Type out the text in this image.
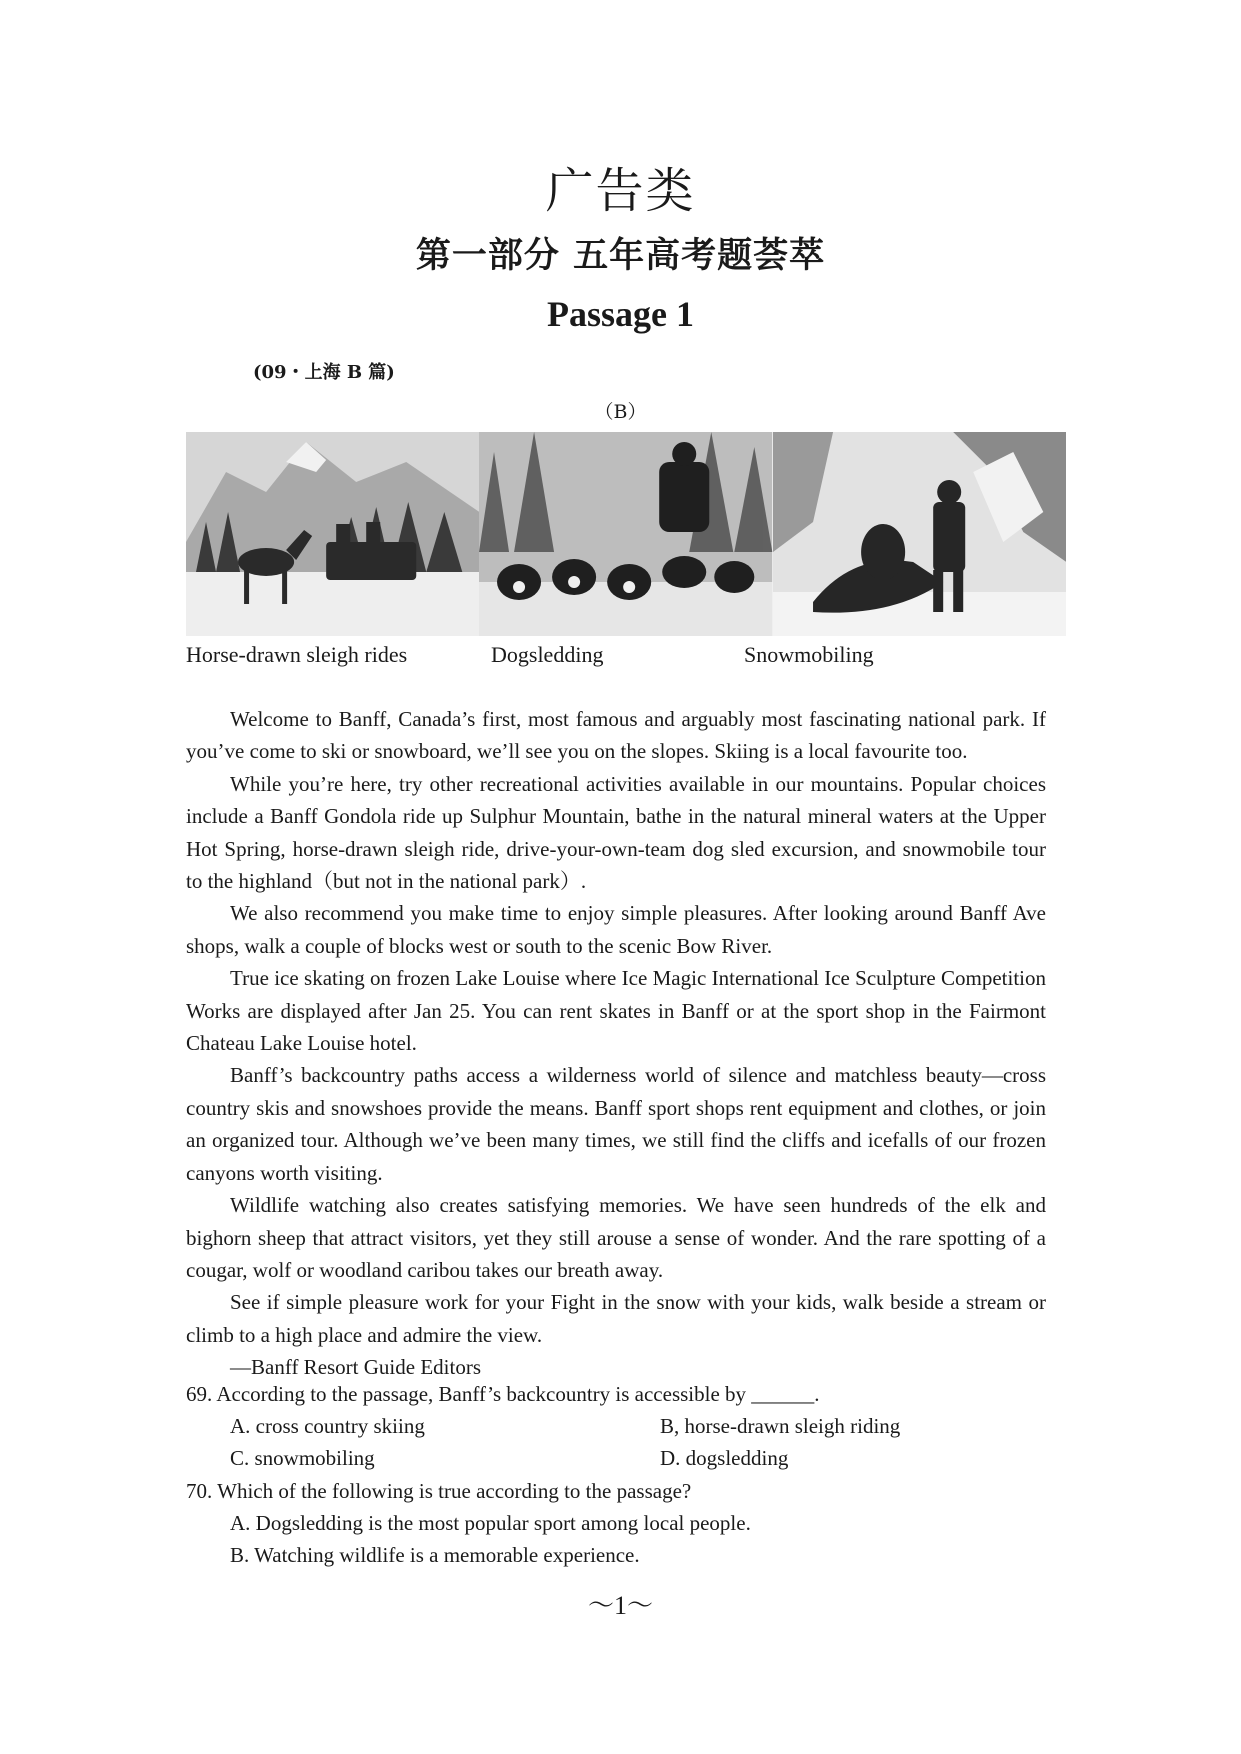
广告类
第一部分 五年高考题荟萃
Passage 1
(09・上海 B 篇)
（B）
Horse-drawn sleigh rides	Dogsledding	Snowmobiling

Welcome to Banff, Canada’s first, most famous and arguably most fascinating national park. If you’ve come to ski or snowboard, we’ll see you on the slopes. Skiing is a local favourite too.

While you’re here, try other recreational activities available in our mountains. Popular choices include a Banff Gondola ride up Sulphur Mountain, bathe in the natural mineral waters at the Upper Hot Spring, horse-drawn sleigh ride, drive-your-own-team dog sled excursion, and snowmobile tour to the highland（but not in the national park）.

We also recommend you make time to enjoy simple pleasures. After looking around Banff Ave shops, walk a couple of blocks west or south to the scenic Bow River.

True ice skating on frozen Lake Louise where Ice Magic International Ice Sculpture Competition Works are displayed after Jan 25. You can rent skates in Banff or at the sport shop in the Fairmont Chateau Lake Louise hotel.

Banff’s backcountry paths access a wilderness world of silence and matchless beauty—cross country skis and snowshoes provide the means. Banff sport shops rent equipment and clothes, or join an organized tour. Although we’ve been many times, we still find the cliffs and icefalls of our frozen canyons worth visiting.

Wildlife watching also creates satisfying memories. We have seen hundreds of the elk and bighorn sheep that attract visitors, yet they still arouse a sense of wonder. And the rare spotting of a cougar, wolf or woodland caribou takes our breath away.

See if simple pleasure work for your Fight in the snow with your kids, walk beside a stream or climb to a high place and admire the view.

—Banff Resort Guide Editors

69. According to the passage, Banff’s backcountry is accessible by ______.
A. cross country skiing	B, horse-drawn sleigh riding
C. snowmobiling	D. dogsledding
70. Which of the following is true according to the passage?
A. Dogsledding is the most popular sport among local people.
B. Watching wildlife is a memorable experience.
～1～
